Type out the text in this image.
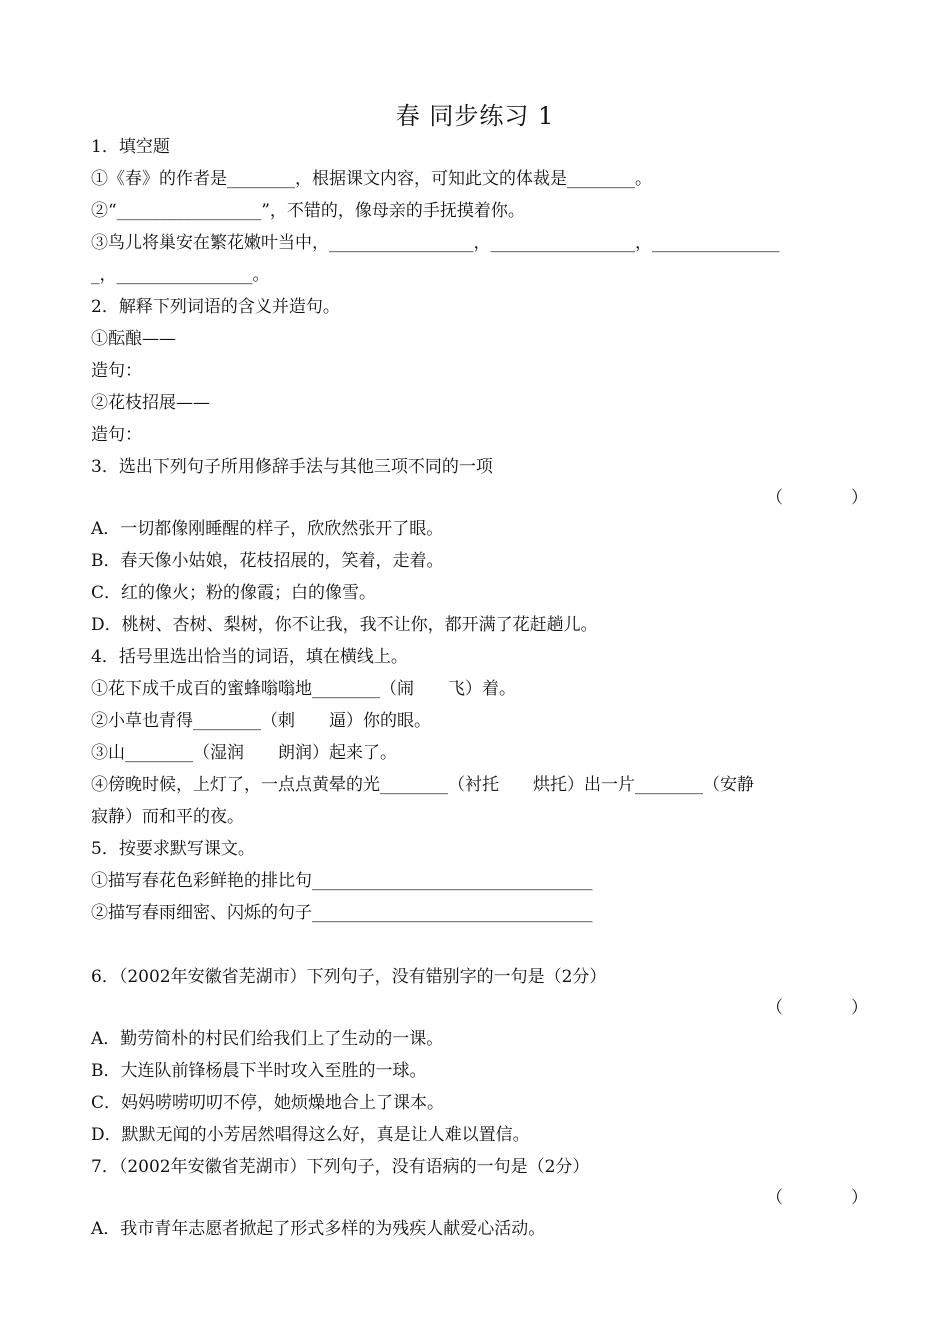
春 同步练习 1
1．填空题
①《春》的作者是________，根据课文内容，可知此文的体裁是________。
②“_________________”，不错的，像母亲的手抚摸着你。
③鸟儿将巢安在繁花嫩叶当中，_________________，_________________，_______________
_，________________。
2．解释下列词语的含义并造句。
①酝酿——
造句：
②花枝招展——
造句：
3．选出下列句子所用修辞手法与其他三项不同的一项
A．一切都像刚睡醒的样子，欣欣然张开了眼。
B．春天像小姑娘，花枝招展的，笑着，走着。
C．红的像火；粉的像霞；白的像雪。
D．桃树、杏树、梨树，你不让我，我不让你，都开满了花赶趟儿。
4．括号里选出恰当的词语，填在横线上。
①花下成千成百的蜜蜂嗡嗡地________（闹　　飞）着。
②小草也青得________（刺　　逼）你的眼。
③山________（湿润　　朗润）起来了。
④傍晚时候，上灯了，一点点黄晕的光________（衬托　　烘托）出一片________（安静
寂静）而和平的夜。
5．按要求默写课文。
①描写春花色彩鲜艳的排比句_________________________________
②描写春雨细密、闪烁的句子_________________________________
6．（2002年安徽省芜湖市）下列句子，没有错别字的一句是（2分）
A．勤劳简朴的村民们给我们上了生动的一课。
B．大连队前锋杨晨下半时攻入至胜的一球。
C．妈妈唠唠叨叨不停，她烦燥地合上了课本。
D．默默无闻的小芳居然唱得这么好，真是让人难以置信。
7．（2002年安徽省芜湖市）下列句子，没有语病的一句是（2分）
A．我市青年志愿者掀起了形式多样的为残疾人献爱心活动。
（　　　　）
（　　　　）
（　　　　）
